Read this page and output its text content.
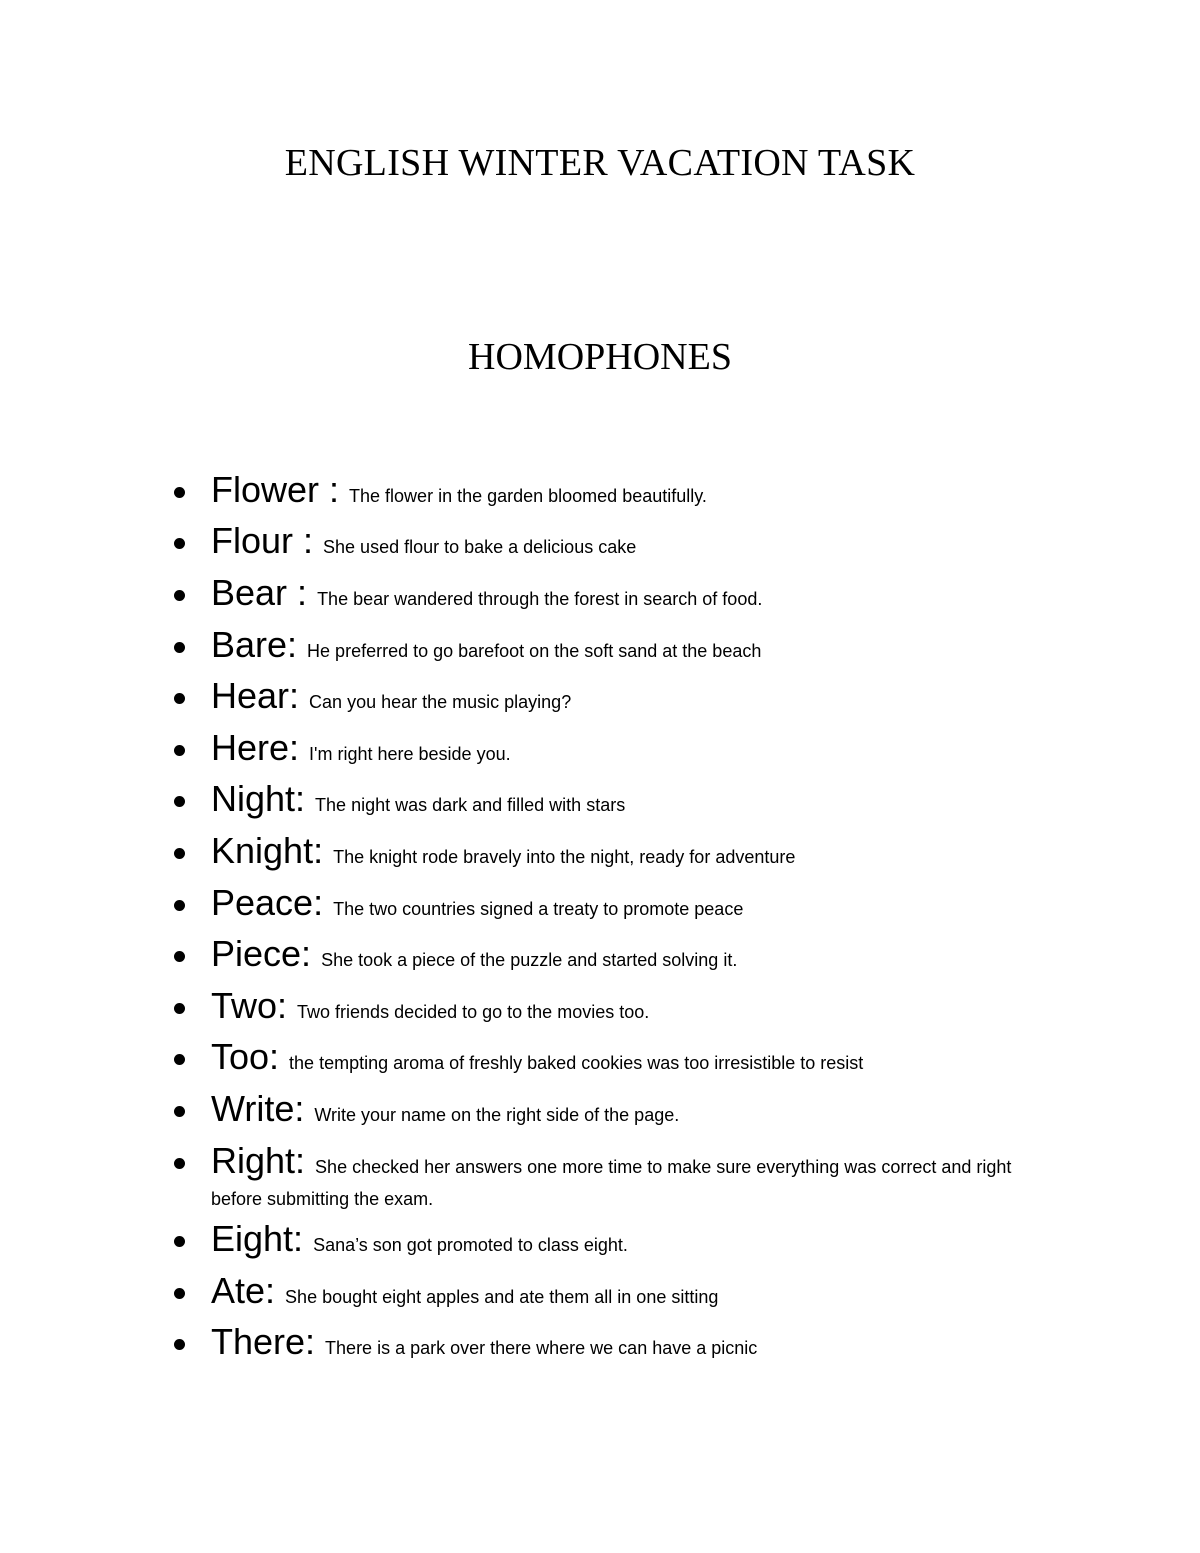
ENGLISH WINTER VACATION TASK
HOMOPHONES
Flower : The flower in the garden bloomed beautifully.
Flour : She used flour to bake a delicious cake
Bear : The bear wandered through the forest in search of food.
Bare: He preferred to go barefoot on the soft sand at the beach
Hear: Can you hear the music playing?
Here: I'm right here beside you.
Night: The night was dark and filled with stars
Knight: The knight rode bravely into the night, ready for adventure
Peace: The two countries signed a treaty to promote peace
Piece: She took a piece of the puzzle and started solving it.
Two: Two friends decided to go to the movies too.
Too: the tempting aroma of freshly baked cookies was too irresistible to resist
Write: Write your name on the right side of the page.
Right: She checked her answers one more time to make sure everything was correct and right before submitting the exam.
Eight: Sana’s son got promoted to class eight.
Ate: She bought eight apples and ate them all in one sitting
There: There is a park over there where we can have a picnic
